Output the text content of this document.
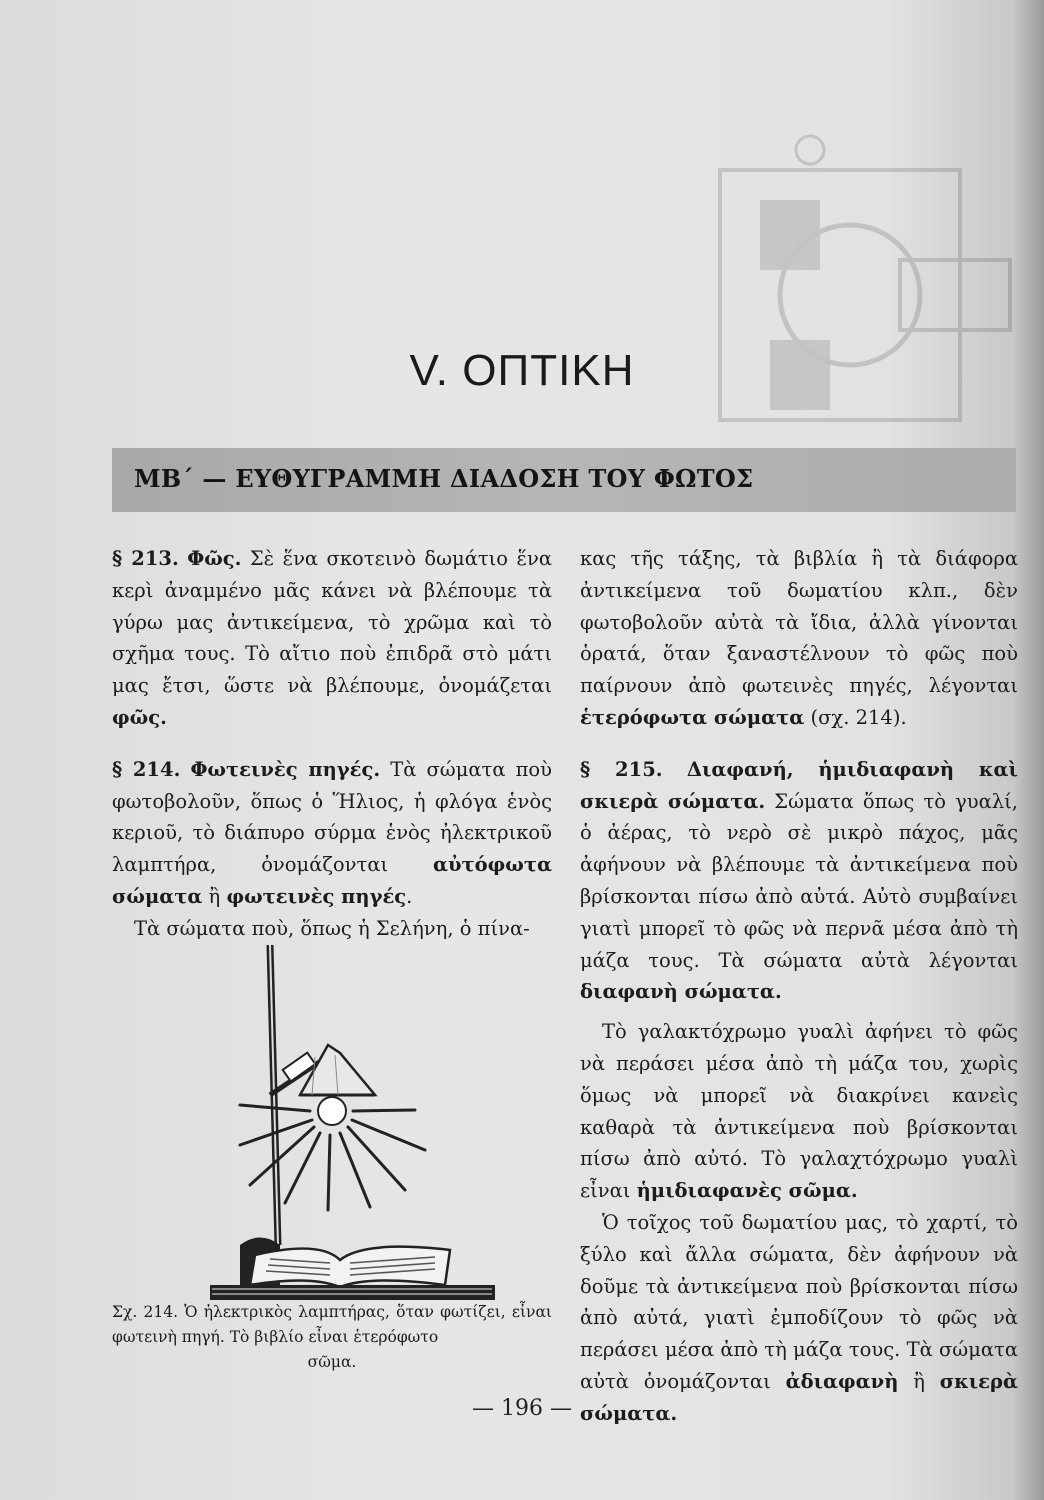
V. ΟΠΤΙΚΗ
ΜΒ΄ — ΕΥΘΥΓΡΑΜΜΗ ΔΙΑΔΟΣΗ ΤΟΥ ΦΩΤΟΣ

§ 213. Φῶς. Σὲ ἕνα σκοτεινὸ δωμάτιο ἕνα κερὶ ἀναμμένο μᾶς κάνει νὰ βλέπουμε τὰ γύρω μας ἀντικείμενα, τὸ χρῶμα καὶ τὸ σχῆμα τους. Τὸ αἴτιο ποὺ ἐπιδρᾶ στὸ μάτι μας ἔτσι, ὥστε νὰ βλέπουμε, ὀνομάζεται φῶς.

§ 214. Φωτεινὲς πηγές. Τὰ σώματα ποὺ φωτοβολοῦν, ὅπως ὁ Ἥλιος, ἡ φλόγα ἑνὸς κεριοῦ, τὸ διάπυρο σύρμα ἑνὸς ἠλεκτρικοῦ λαμπτήρα, ὀνομάζονται αὐτόφωτα σώματα ἢ φωτεινὲς πηγές.

Τὰ σώματα ποὺ, ὅπως ἡ Σελήνη, ὁ πίνα-

Σχ. 214. Ὁ ἠλεκτρικὸς λαμπτήρας, ὅταν φωτίζει, εἶναι φωτεινὴ πηγή. Τὸ βιβλίο εἶναι ἑτερόφωτο

σῶμα.

κας τῆς τάξης, τὰ βιβλία ἢ τὰ διάφορα ἀντικείμενα τοῦ δωματίου κλπ., δὲν φωτοβολοῦν αὐτὰ τὰ ἴδια, ἀλλὰ γίνονται ὁρατά, ὅταν ξαναστέλνουν τὸ φῶς ποὺ παίρνουν ἀπὸ φωτεινὲς πηγές, λέγονται ἑτερόφωτα σώματα (σχ. 214).

§ 215. Διαφανή, ἡμιδιαφανὴ καὶ σκιερὰ σώματα. Σώματα ὅπως τὸ γυαλί, ὁ ἀέρας, τὸ νερὸ σὲ μικρὸ πάχος, μᾶς ἀφήνουν νὰ βλέπουμε τὰ ἀντικείμενα ποὺ βρίσκονται πίσω ἀπὸ αὐτά. Αὐτὸ συμβαίνει γιατὶ μπορεῖ τὸ φῶς νὰ περνᾶ μέσα ἀπὸ τὴ μάζα τους. Τὰ σώματα αὐτὰ λέγονται διαφανὴ σώματα.

Τὸ γαλακτόχρωμο γυαλὶ ἀφήνει τὸ φῶς νὰ περάσει μέσα ἀπὸ τὴ μάζα του, χωρὶς ὅμως νὰ μπορεῖ νὰ διακρίνει κανεὶς καθαρὰ τὰ ἀντικείμενα ποὺ βρίσκονται πίσω ἀπὸ αὐτό. Τὸ γαλαχτόχρωμο γυαλὶ εἶναι ἡμιδιαφανὲς σῶμα.

Ὁ τοῖχος τοῦ δωματίου μας, τὸ χαρτί, τὸ ξύλο καὶ ἄλλα σώματα, δὲν ἀφήνουν νὰ δοῦμε τὰ ἀντικείμενα ποὺ βρίσκονται πίσω ἀπὸ αὐτά, γιατὶ ἐμποδίζουν τὸ φῶς νὰ περάσει μέσα ἀπὸ τὴ μάζα τους. Τὰ σώματα αὐτὰ ὀνομάζονται ἀδιαφανὴ ἢ σκιερὰ σώματα.

— 196 —
